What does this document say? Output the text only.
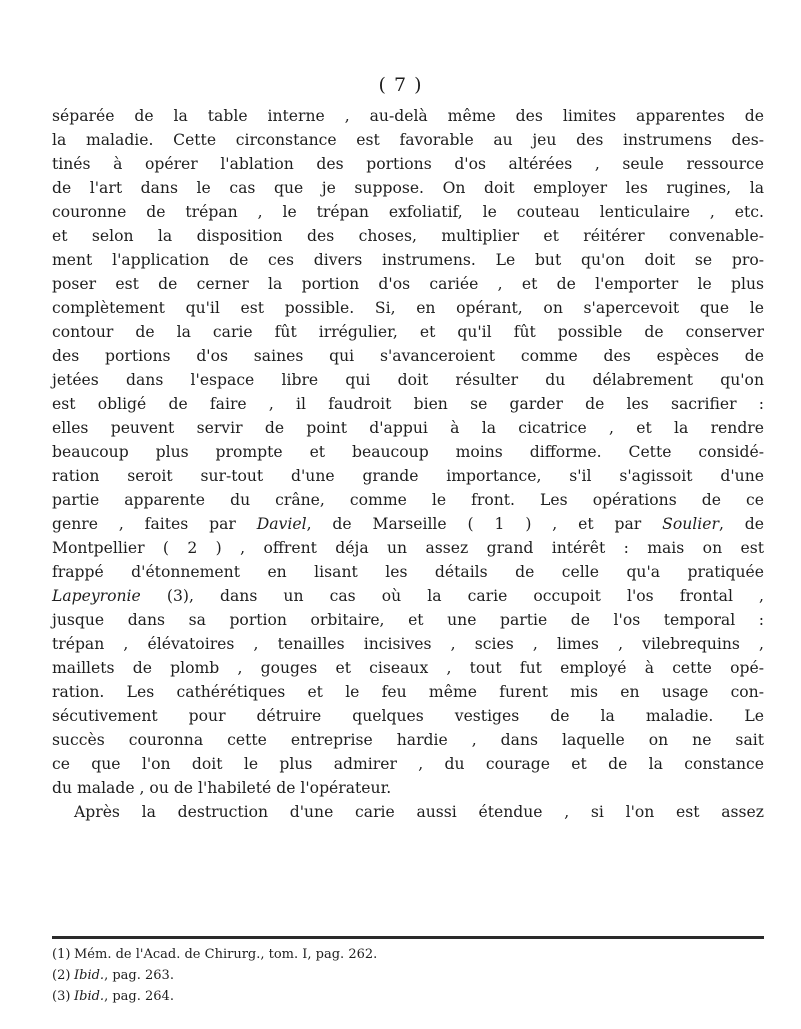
( 7 )
séparée de la table interne , au-delà même des limites apparentes de
la maladie. Cette circonstance est favorable au jeu des instrumens des-
tinés à opérer l'ablation des portions d'os altérées , seule ressource
de l'art dans le cas que je suppose. On doit employer les rugines, la
couronne de trépan , le trépan exfoliatif, le couteau lenticulaire , etc.
et selon la disposition des choses, multiplier et réitérer convenable-
ment l'application de ces divers instrumens. Le but qu'on doit se pro-
poser est de cerner la portion d'os cariée , et de l'emporter le plus
complètement qu'il est possible. Si, en opérant, on s'apercevoit que le
contour de la carie fût irrégulier, et qu'il fût possible de conserver
des portions d'os saines qui s'avanceroient comme des espèces de
jetées dans l'espace libre qui doit résulter du délabrement qu'on
est obligé de faire , il faudroit bien se garder de les sacrifier :
elles peuvent servir de point d'appui à la cicatrice , et la rendre
beaucoup plus prompte et beaucoup moins difforme. Cette considé-
ration seroit sur-tout d'une grande importance, s'il s'agissoit d'une
partie apparente du crâne, comme le front. Les opérations de ce
genre , faites par Daviel, de Marseille ( 1 ) , et par Soulier, de
Montpellier ( 2 ) , offrent déja un assez grand intérêt : mais on est
frappé d'étonnement en lisant les détails de celle qu'a pratiquée
Lapeyronie (3), dans un cas où la carie occupoit l'os frontal ,
jusque dans sa portion orbitaire, et une partie de l'os temporal :
trépan , élévatoires , tenailles incisives , scies , limes , vilebrequins ,
maillets de plomb , gouges et ciseaux , tout fut employé à cette opé-
ration. Les cathérétiques et le feu même furent mis en usage con-
sécutivement pour détruire quelques vestiges de la maladie. Le
succès couronna cette entreprise hardie , dans laquelle on ne sait
ce que l'on doit le plus admirer , du courage et de la constance
du malade , ou de l'habileté de l'opérateur.
Après la destruction d'une carie aussi étendue , si l'on est assez
(1) Mém. de l'Acad. de Chirurg., tom. I, pag. 262.
(2) Ibid., pag. 263.
(3) Ibid., pag. 264.
